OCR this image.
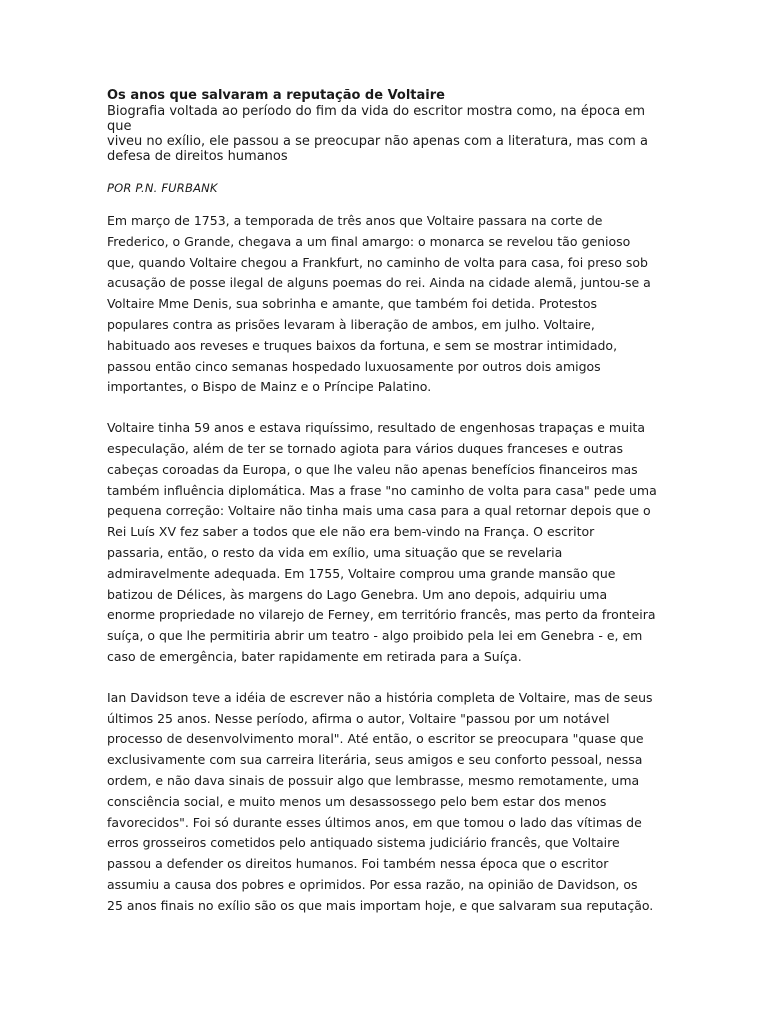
Os anos que salvaram a reputação de Voltaire

Biografia voltada ao período do fim da vida do escritor mostra como, na época em que
viveu no exílio, ele passou a se preocupar não apenas com a literatura, mas com a
defesa de direitos humanos

POR P.N. FURBANK

Em março de 1753, a temporada de três anos que Voltaire passara na corte de
Frederico, o Grande, chegava a um final amargo: o monarca se revelou tão genioso
que, quando Voltaire chegou a Frankfurt, no caminho de volta para casa, foi preso sob
acusação de posse ilegal de alguns poemas do rei. Ainda na cidade alemã, juntou-se a
Voltaire Mme Denis, sua sobrinha e amante, que também foi detida. Protestos
populares contra as prisões levaram à liberação de ambos, em julho. Voltaire,
habituado aos reveses e truques baixos da fortuna, e sem se mostrar intimidado,
passou então cinco semanas hospedado luxuosamente por outros dois amigos
importantes, o Bispo de Mainz e o Príncipe Palatino.

Voltaire tinha 59 anos e estava riquíssimo, resultado de engenhosas trapaças e muita
especulação, além de ter se tornado agiota para vários duques franceses e outras
cabeças coroadas da Europa, o que lhe valeu não apenas benefícios financeiros mas
também influência diplomática. Mas a frase "no caminho de volta para casa" pede uma
pequena correção: Voltaire não tinha mais uma casa para a qual retornar depois que o
Rei Luís XV fez saber a todos que ele não era bem-vindo na França. O escritor
passaria, então, o resto da vida em exílio, uma situação que se revelaria
admiravelmente adequada. Em 1755, Voltaire comprou uma grande mansão que
batizou de Délices, às margens do Lago Genebra. Um ano depois, adquiriu uma
enorme propriedade no vilarejo de Ferney, em território francês, mas perto da fronteira
suíça, o que lhe permitiria abrir um teatro - algo proibido pela lei em Genebra - e, em
caso de emergência, bater rapidamente em retirada para a Suíça.

Ian Davidson teve a idéia de escrever não a história completa de Voltaire, mas de seus
últimos 25 anos. Nesse período, afirma o autor, Voltaire "passou por um notável
processo de desenvolvimento moral". Até então, o escritor se preocupara "quase que
exclusivamente com sua carreira literária, seus amigos e seu conforto pessoal, nessa
ordem, e não dava sinais de possuir algo que lembrasse, mesmo remotamente, uma
consciência social, e muito menos um desassossego pelo bem estar dos menos
favorecidos". Foi só durante esses últimos anos, em que tomou o lado das vítimas de
erros grosseiros cometidos pelo antiquado sistema judiciário francês, que Voltaire
passou a defender os direitos humanos. Foi também nessa época que o escritor
assumiu a causa dos pobres e oprimidos. Por essa razão, na opinião de Davidson, os
25 anos finais no exílio são os que mais importam hoje, e que salvaram sua reputação.
